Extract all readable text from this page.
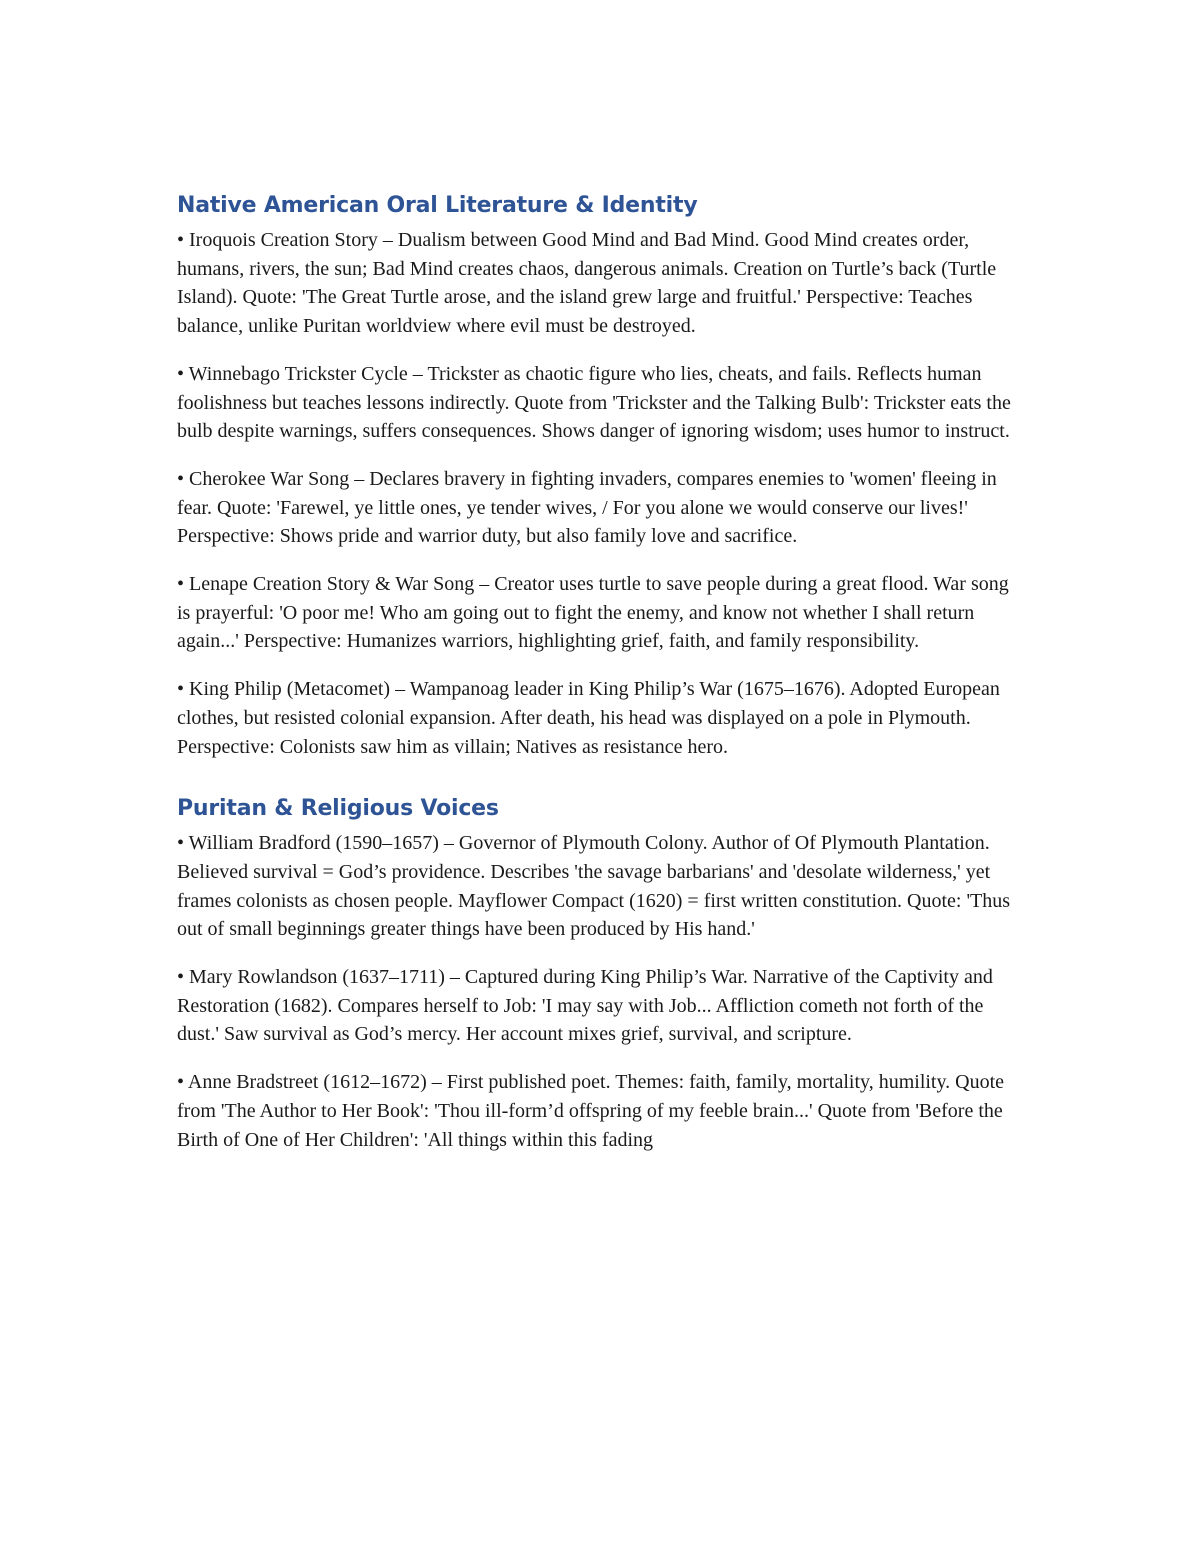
Native American Oral Literature & Identity

• Iroquois Creation Story – Dualism between Good Mind and Bad Mind. Good Mind creates order, humans, rivers, the sun; Bad Mind creates chaos, dangerous animals. Creation on Turtle’s back (Turtle Island). Quote: 'The Great Turtle arose, and the island grew large and fruitful.' Perspective: Teaches balance, unlike Puritan worldview where evil must be destroyed.

• Winnebago Trickster Cycle – Trickster as chaotic figure who lies, cheats, and fails. Reflects human foolishness but teaches lessons indirectly. Quote from 'Trickster and the Talking Bulb': Trickster eats the bulb despite warnings, suffers consequences. Shows danger of ignoring wisdom; uses humor to instruct.

• Cherokee War Song – Declares bravery in fighting invaders, compares enemies to 'women' fleeing in fear. Quote: 'Farewel, ye little ones, ye tender wives, / For you alone we would conserve our lives!' Perspective: Shows pride and warrior duty, but also family love and sacrifice.

• Lenape Creation Story & War Song – Creator uses turtle to save people during a great flood. War song is prayerful: 'O poor me! Who am going out to fight the enemy, and know not whether I shall return again...' Perspective: Humanizes warriors, highlighting grief, faith, and family responsibility.

• King Philip (Metacomet) – Wampanoag leader in King Philip’s War (1675–1676). Adopted European clothes, but resisted colonial expansion. After death, his head was displayed on a pole in Plymouth. Perspective: Colonists saw him as villain; Natives as resistance hero.

Puritan & Religious Voices

• William Bradford (1590–1657) – Governor of Plymouth Colony. Author of Of Plymouth Plantation. Believed survival = God’s providence. Describes 'the savage barbarians' and 'desolate wilderness,' yet frames colonists as chosen people. Mayflower Compact (1620) = first written constitution. Quote: 'Thus out of small beginnings greater things have been produced by His hand.'

• Mary Rowlandson (1637–1711) – Captured during King Philip’s War. Narrative of the Captivity and Restoration (1682). Compares herself to Job: 'I may say with Job... Affliction cometh not forth of the dust.' Saw survival as God’s mercy. Her account mixes grief, survival, and scripture.

• Anne Bradstreet (1612–1672) – First published poet. Themes: faith, family, mortality, humility. Quote from 'The Author to Her Book': 'Thou ill-form’d offspring of my feeble brain...' Quote from 'Before the Birth of One of Her Children': 'All things within this fading
